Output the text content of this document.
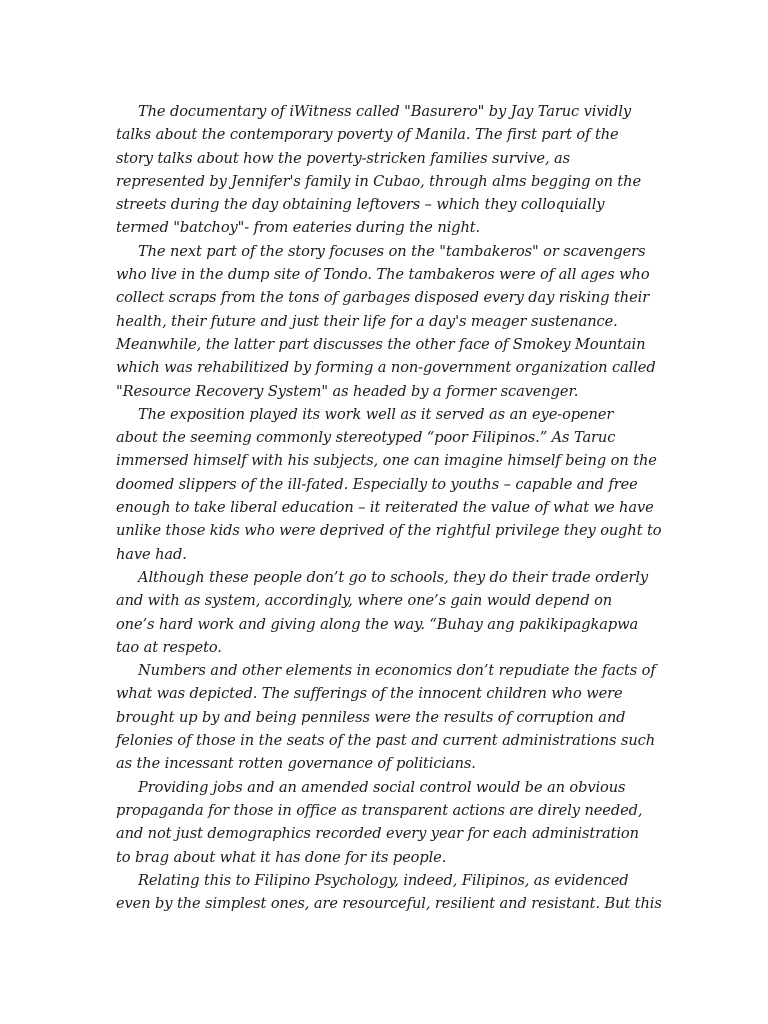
The documentary of iWitness called "Basurero" by Jay Taruc vividly
talks about the contemporary poverty of Manila. The first part of the
story talks about how the poverty-stricken families survive, as
represented by Jennifer's family in Cubao, through alms begging on the
streets during the day obtaining leftovers – which they colloquially
termed "batchoy"- from eateries during the night.
The next part of the story focuses on the "tambakeros" or scavengers
who live in the dump site of Tondo. The tambakeros were of all ages who
collect scraps from the tons of garbages disposed every day risking their
health, their future and just their life for a day's meager sustenance.
Meanwhile, the latter part discusses the other face of Smokey Mountain
which was rehabilitized by forming a non-government organization called
"Resource Recovery System" as headed by a former scavenger.
The exposition played its work well as it served as an eye-opener
about the seeming commonly stereotyped “poor Filipinos.” As Taruc
immersed himself with his subjects, one can imagine himself being on the
doomed slippers of the ill-fated. Especially to youths – capable and free
enough to take liberal education – it reiterated the value of what we have
unlike those kids who were deprived of the rightful privilege they ought to
have had.
Although these people don’t go to schools, they do their trade orderly
and with as system, accordingly, where one’s gain would depend on
one’s hard work and giving along the way. “Buhay ang pakikipagkapwa
tao at respeto.
Numbers and other elements in economics don’t repudiate the facts of
what was depicted. The sufferings of the innocent children who were
brought up by and being penniless were the results of corruption and
felonies of those in the seats of the past and current administrations such
as the incessant rotten governance of politicians.
Providing jobs and an amended social control would be an obvious
propaganda for those in office as transparent actions are direly needed,
and not just demographics recorded every year for each administration
to brag about what it has done for its people.
Relating this to Filipino Psychology, indeed, Filipinos, as evidenced
even by the simplest ones, are resourceful, resilient and resistant. But this
